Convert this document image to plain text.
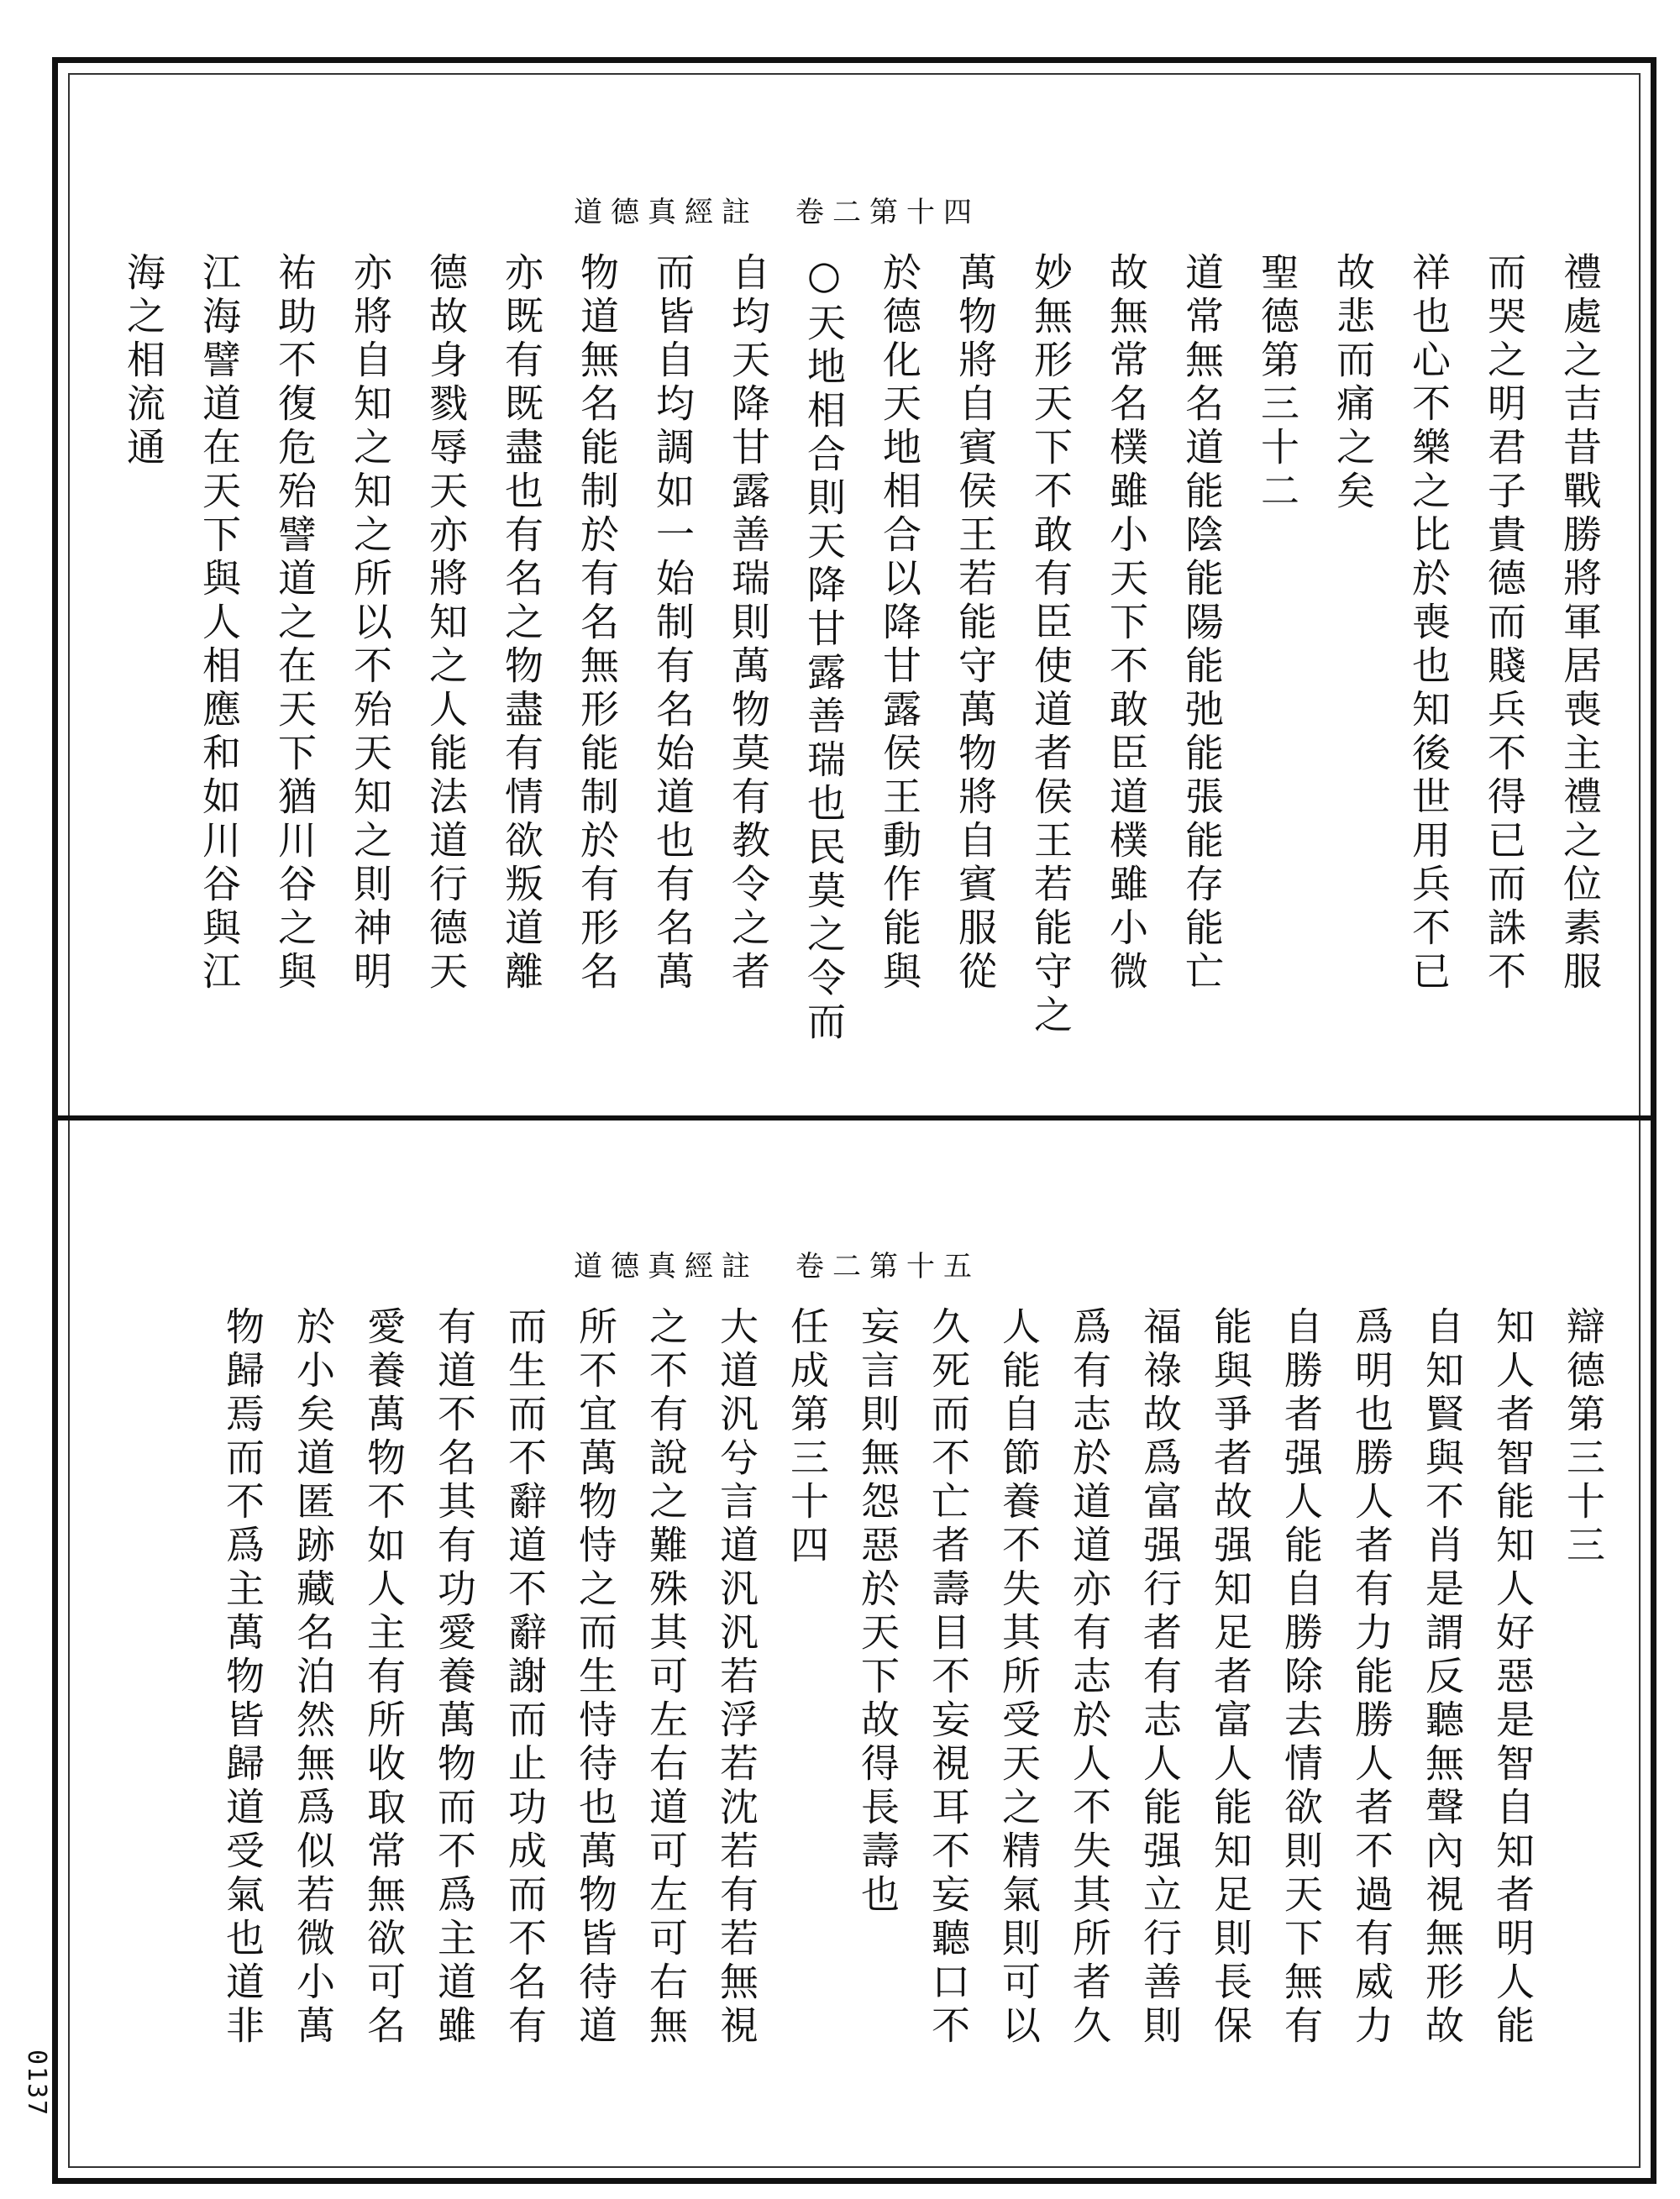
道德真經註　卷二第十四
道德真經註　卷二第十五
禮處之吉昔戰勝將軍居喪主禮之位素服
而哭之明君子貴德而賤兵不得已而誅不
祥也心不樂之比於喪也知後世用兵不已
故悲而痛之矣
聖德第三十二
道常無名道能陰能陽能弛能張能存能亡
故無常名樸雖小天下不敢臣道樸雖小微
妙無形天下不敢有臣使道者侯王若能守之
萬物將自賓侯王若能守萬物將自賓服從
於德化天地相合以降甘露侯王動作能與
○天地相合則天降甘露善瑞也民莫之令而
自均天降甘露善瑞則萬物莫有教令之者
而皆自均調如一始制有名始道也有名萬
物道無名能制於有名無形能制於有形名
亦既有既盡也有名之物盡有情欲叛道離
德故身戮辱天亦將知之人能法道行德天
亦將自知之知之所以不殆天知之則神明
祐助不復危殆譬道之在天下猶川谷之與
江海譬道在天下與人相應和如川谷與江
海之相流通
辯德第三十三
知人者智能知人好惡是智自知者明人能
自知賢與不肖是謂反聽無聲內視無形故
爲明也勝人者有力能勝人者不過有威力
自勝者强人能自勝除去情欲則天下無有
能與爭者故强知足者富人能知足則長保
福祿故爲富强行者有志人能强立行善則
爲有志於道道亦有志於人不失其所者久
人能自節養不失其所受天之精氣則可以
久死而不亡者壽目不妄視耳不妄聽口不
妄言則無怨惡於天下故得長壽也
任成第三十四
大道汎兮言道汎汎若浮若沈若有若無視
之不有說之難殊其可左右道可左可右無
所不宜萬物恃之而生恃待也萬物皆待道
而生而不辭道不辭謝而止功成而不名有
有道不名其有功愛養萬物而不爲主道雖
愛養萬物不如人主有所收取常無欲可名
於小矣道匿跡藏名泊然無爲似若微小萬
物歸焉而不爲主萬物皆歸道受氣也道非
0137
